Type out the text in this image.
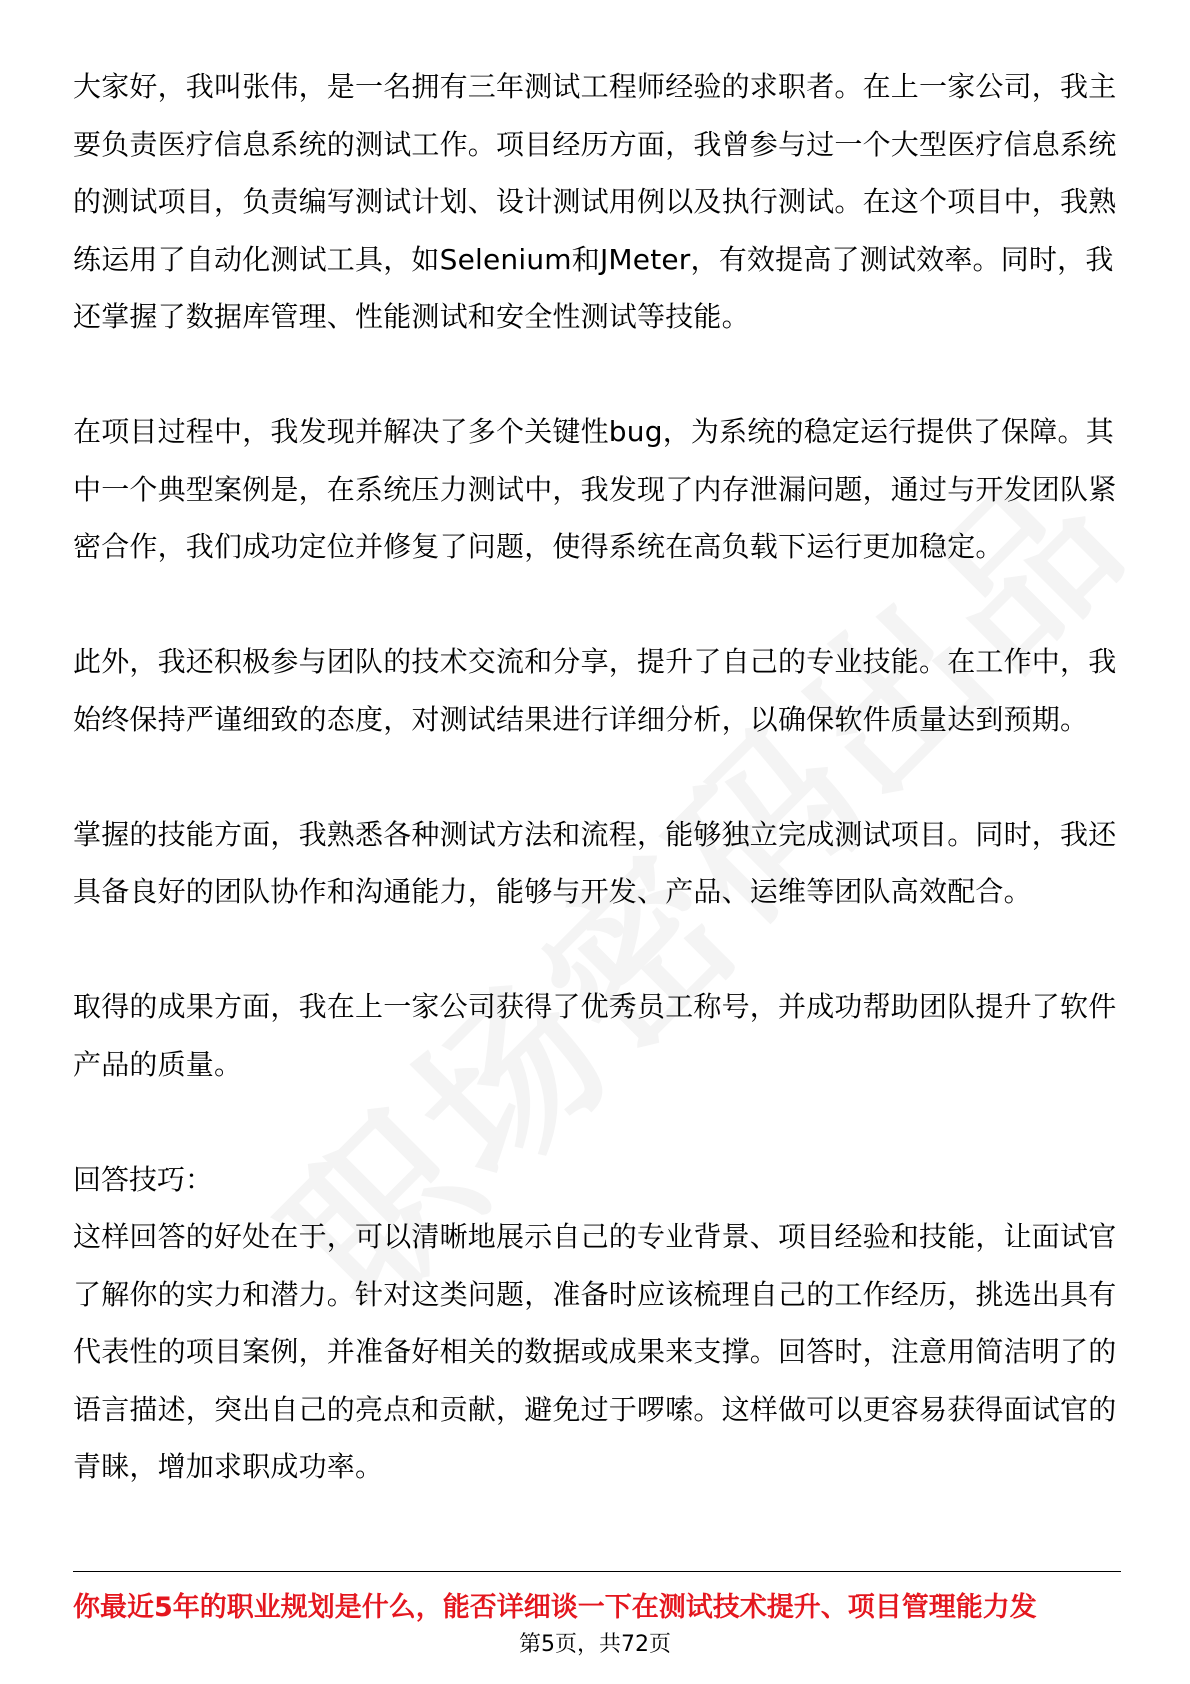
大家好，我叫张伟，是一名拥有三年测试工程师经验的求职者。在上一家公司，我主要负责医疗信息系统的测试工作。项目经历方面，我曾参与过一个大型医疗信息系统的测试项目，负责编写测试计划、设计测试用例以及执行测试。在这个项目中，我熟练运用了自动化测试工具，如Selenium和JMeter，有效提高了测试效率。同时，我还掌握了数据库管理、性能测试和安全性测试等技能。

在项目过程中，我发现并解决了多个关键性bug，为系统的稳定运行提供了保障。其中一个典型案例是，在系统压力测试中，我发现了内存泄漏问题，通过与开发团队紧密合作，我们成功定位并修复了问题，使得系统在高负载下运行更加稳定。

此外，我还积极参与团队的技术交流和分享，提升了自己的专业技能。在工作中，我始终保持严谨细致的态度，对测试结果进行详细分析，以确保软件质量达到预期。

掌握的技能方面，我熟悉各种测试方法和流程，能够独立完成测试项目。同时，我还具备良好的团队协作和沟通能力，能够与开发、产品、运维等团队高效配合。

取得的成果方面，我在上一家公司获得了优秀员工称号，并成功帮助团队提升了软件产品的质量。

回答技巧：

这样回答的好处在于，可以清晰地展示自己的专业背景、项目经验和技能，让面试官了解你的实力和潜力。针对这类问题，准备时应该梳理自己的工作经历，挑选出具有代表性的项目案例，并准备好相关的数据或成果来支撑。回答时，注意用简洁明了的语言描述，突出自己的亮点和贡献，避免过于啰嗦。这样做可以更容易获得面试官的青睐，增加求职成功率。

你最近5年的职业规划是什么，能否详细谈一下在测试技术提升、项目管理能力发
第5页，共72页
